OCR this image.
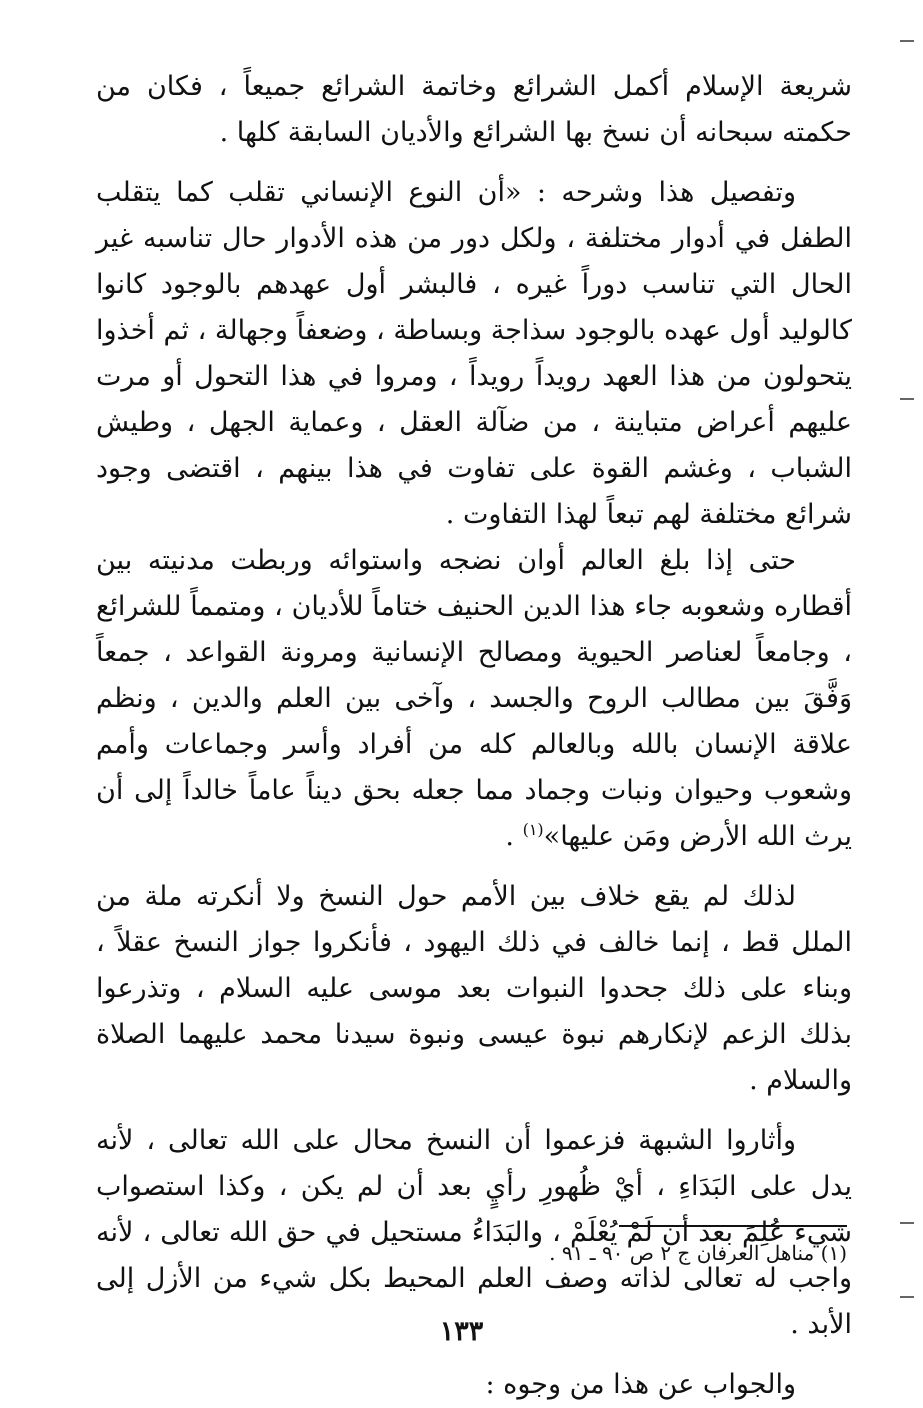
شريعة الإسلام أكمل الشرائع وخاتمة الشرائع جميعاً ، فكان من حكمته سبحانه أن نسخ بها الشرائع والأديان السابقة كلها .

وتفصيل هذا وشرحه : «أن النوع الإنساني تقلب كما يتقلب الطفل في أدوار مختلفة ، ولكل دور من هذه الأدوار حال تناسبه غير الحال التي تناسب دوراً غيره ، فالبشر أول عهدهم بالوجود كانوا كالوليد أول عهده بالوجود سذاجة وبساطة ، وضعفاً وجهالة ، ثم أخذوا يتحولون من هذا العهد رويداً رويداً ، ومروا في هذا التحول أو مرت عليهم أعراض متباينة ، من ضآلة العقل ، وعماية الجهل ، وطيش الشباب ، وغشم القوة على تفاوت في هذا بينهم ، اقتضى وجود شرائع مختلفة لهم تبعاً لهذا التفاوت .

حتى إذا بلغ العالم أوان نضجه واستوائه وربطت مدنيته بين أقطاره وشعوبه جاء هذا الدين الحنيف ختاماً للأديان ، ومتمماً للشرائع ، وجامعاً لعناصر الحيوية ومصالح الإنسانية ومرونة القواعد ، جمعاً وَفَّقَ بين مطالب الروح والجسد ، وآخى بين العلم والدين ، ونظم علاقة الإنسان بالله وبالعالم كله من أفراد وأسر وجماعات وأمم وشعوب وحيوان ونبات وجماد مما جعله بحق ديناً عاماً خالداً إلى أن يرث الله الأرض ومَن عليها»$^{(١)}$ .

لذلك لم يقع خلاف بين الأمم حول النسخ ولا أنكرته ملة من الملل قط ، إنما خالف في ذلك اليهود ، فأنكروا جواز النسخ عقلاً ، وبناء على ذلك جحدوا النبوات بعد موسى عليه السلام ، وتذرعوا بذلك الزعم لإنكارهم نبوة عيسى ونبوة سيدنا محمد عليهما الصلاة والسلام .

وأثاروا الشبهة فزعموا أن النسخ محال على الله تعالى ، لأنه يدل على البَدَاءِ ، أيْ ظُهورِ رأيٍ بعد أن لم يكن ، وكذا استصواب شيء عُلِمَ بعد أن لَمْ يُعْلَمْ ، والبَدَاءُ مستحيل في حق الله تعالى ، لأنه واجب له تعالى لذاته وصف العلم المحيط بكل شيء من الأزل إلى الأبد .

والجواب عن هذا من وجوه :

(١) مناهل العرفان ج ٢ ص ٩٠ ـ ٩١ .
١٣٣
